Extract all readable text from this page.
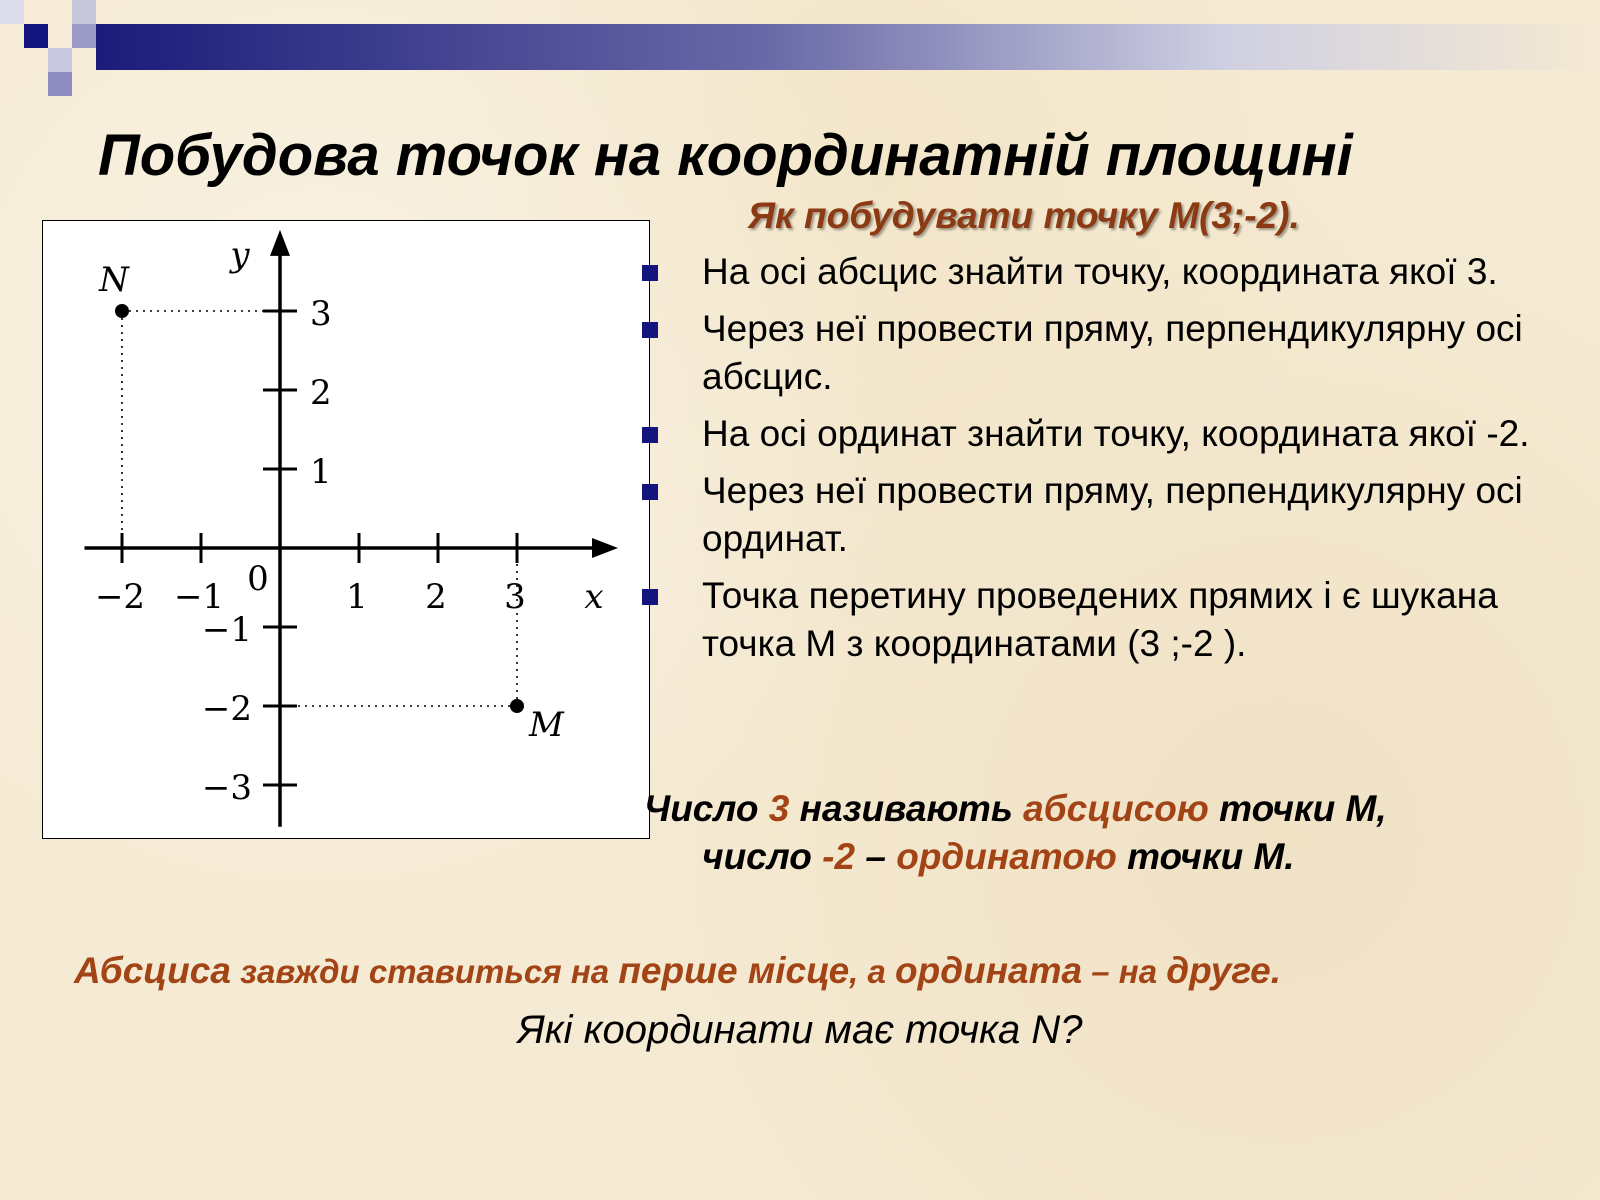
Побудова точок на координатній площині
Як побудувати точку M(3;-2).
−2 −1	1 2 3
3
2
1
−1
−2
−3
0	x
y
N
M
На осі абсцис знайти точку, координата якої 3.
Через неї провести пряму, перпендикулярну осі абсцис.
На осі ординат знайти точку, координата якої -2.
Через неї провести пряму, перпендикулярну осі ординат.
Точка перетину проведених прямих і є шукана точка М з координатами (3 ;-2 ).
Число 3 називають абсцисою точки М,
число -2 – ординатою точки М.
Абсциса завжди ставиться на перше місце, а ордината – на друге.
Які координати має точка N?
